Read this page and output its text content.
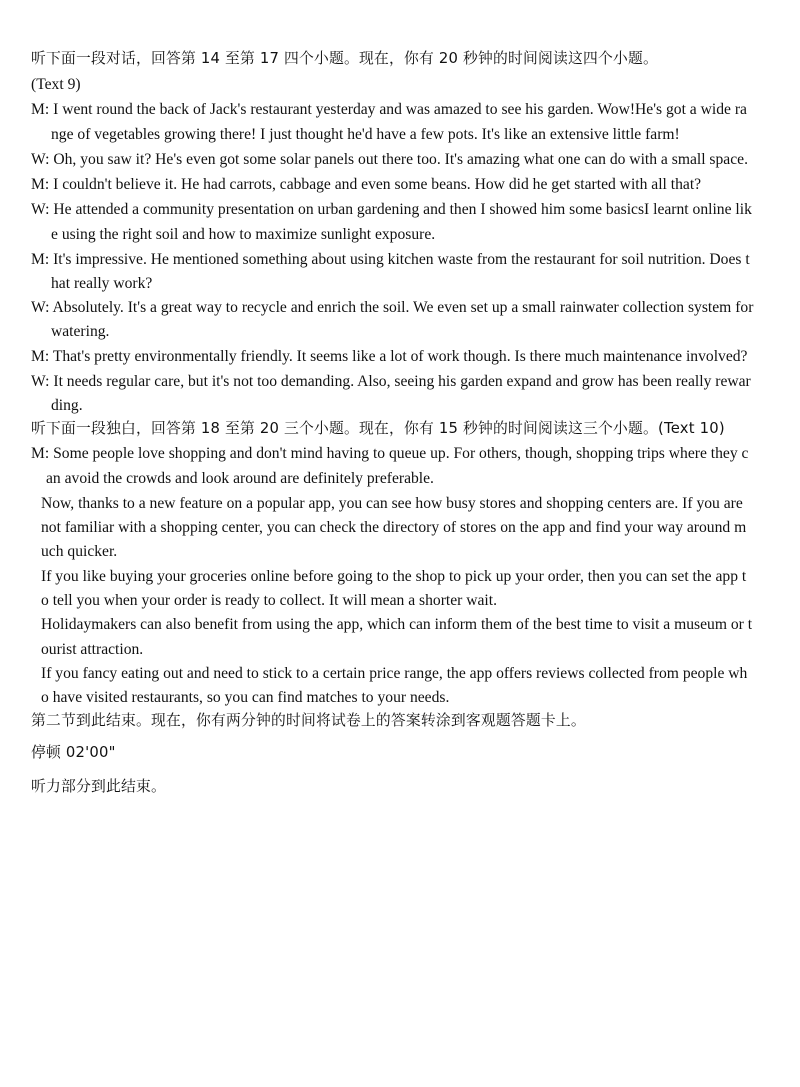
听下面一段对话，回答第 14 至第 17 四个小题。现在，你有 20 秒钟的时间阅读这四个小题。
(Text 9)
M: I went round the back of Jack's restaurant yesterday and was amazed to see his garden. Wow!He's got a wide ra
nge of vegetables growing there! I just thought he'd have a few pots. It's like an extensive little farm!
W: Oh, you saw it? He's even got some solar panels out there too. It's amazing what one can do with a small space.
M: I couldn't believe it. He had carrots, cabbage and even some beans. How did he get started with all that?
W: He attended a community presentation on urban gardening and then I showed him some basicsI learnt online lik
e using the right soil and how to maximize sunlight exposure.
M: It's impressive. He mentioned something about using kitchen waste from the restaurant for soil nutrition. Does t
hat really work?
W: Absolutely. It's a great way to recycle and enrich the soil. We even set up a small rainwater collection system for
watering.
M: That's pretty environmentally friendly. It seems like a lot of work though. Is there much maintenance involved?
W: It needs regular care, but it's not too demanding. Also, seeing his garden expand and grow has been really rewar
ding.
听下面一段独白，回答第 18 至第 20 三个小题。现在，你有 15 秒钟的时间阅读这三个小题。(Text 10)
M: Some people love shopping and don't mind having to queue up. For others, though, shopping trips where they c
an avoid the crowds and look around are definitely preferable.
Now, thanks to a new feature on a popular app, you can see how busy stores and shopping centers are. If you are
not familiar with a shopping center, you can check the directory of stores on the app and find your way around m
uch quicker.
If you like buying your groceries online before going to the shop to pick up your order, then you can set the app t
o tell you when your order is ready to collect. It will mean a shorter wait.
Holidaymakers can also benefit from using the app, which can inform them of the best time to visit a museum or t
ourist attraction.
If you fancy eating out and need to stick to a certain price range, the app offers reviews collected from people wh
o have visited restaurants, so you can find matches to your needs.
第二节到此结束。现在，你有两分钟的时间将试卷上的答案转涂到客观题答题卡上。
停顿 02'00"
听力部分到此结束。
